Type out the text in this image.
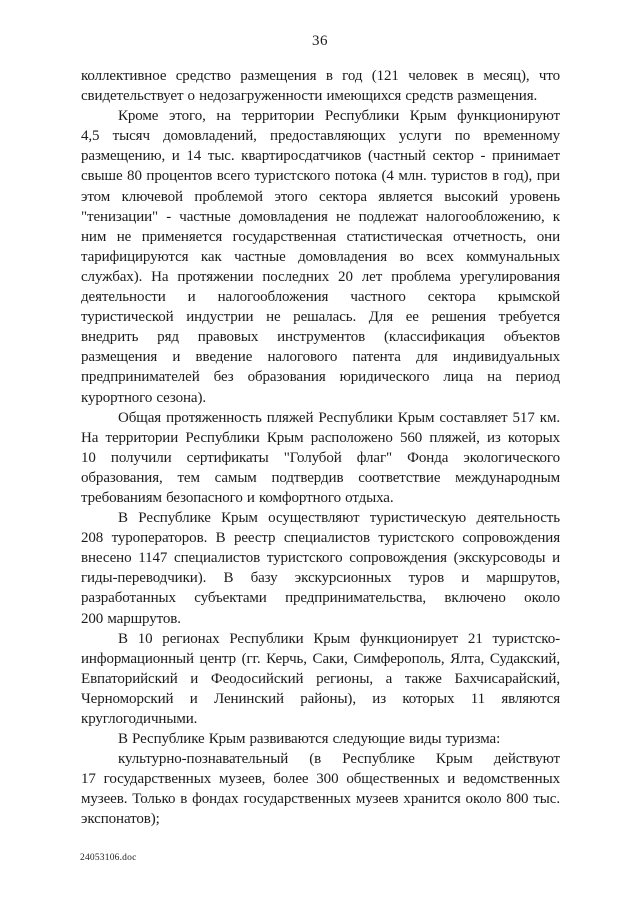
36

коллективное средство размещения в год (121 человек в месяц), что свидетельствует о недозагруженности имеющихся средств размещения.

Кроме этого, на территории Республики Крым функционируют 4,5 тысяч домовладений, предоставляющих услуги по временному размещению, и 14 тыс. квартиросдатчиков (частный сектор - принимает свыше 80 процентов всего туристского потока (4 млн. туристов в год), при этом ключевой проблемой этого сектора является высокий уровень "тенизации" - частные домовладения не подлежат налогообложению, к ним не применяется государственная статистическая отчетность, они тарифицируются как частные домовладения во всех коммунальных службах). На протяжении последних 20 лет проблема урегулирования деятельности и налогообложения частного сектора крымской туристической индустрии не решалась. Для ее решения требуется внедрить ряд правовых инструментов (классификация объектов размещения и введение налогового патента для индивидуальных предпринимателей без образования юридического лица на период курортного сезона).

Общая протяженность пляжей Республики Крым составляет 517 км. На территории Республики Крым расположено 560 пляжей, из которых 10 получили сертификаты "Голубой флаг" Фонда экологического образования, тем самым подтвердив соответствие международным требованиям безопасного и комфортного отдыха.

В Республике Крым осуществляют туристическую деятельность 208 туроператоров. В реестр специалистов туристского сопровождения внесено 1147 специалистов туристского сопровождения (экскурсоводы и гиды-переводчики). В базу экскурсионных туров и маршрутов, разработанных субъектами предпринимательства, включено около 200 маршрутов.

В 10 регионах Республики Крым функционирует 21 туристско-информационный центр (гг. Керчь, Саки, Симферополь, Ялта, Судакский, Евпаторийский и Феодосийский регионы, а также Бахчисарайский, Черноморский и Ленинский районы), из которых 11 являются круглогодичными.

В Республике Крым развиваются следующие виды туризма:

культурно-познавательный (в Республике Крым действуют 17 государственных музеев, более 300 общественных и ведомственных музеев. Только в фондах государственных музеев хранится около 800 тыс. экспонатов);

24053106.doc
